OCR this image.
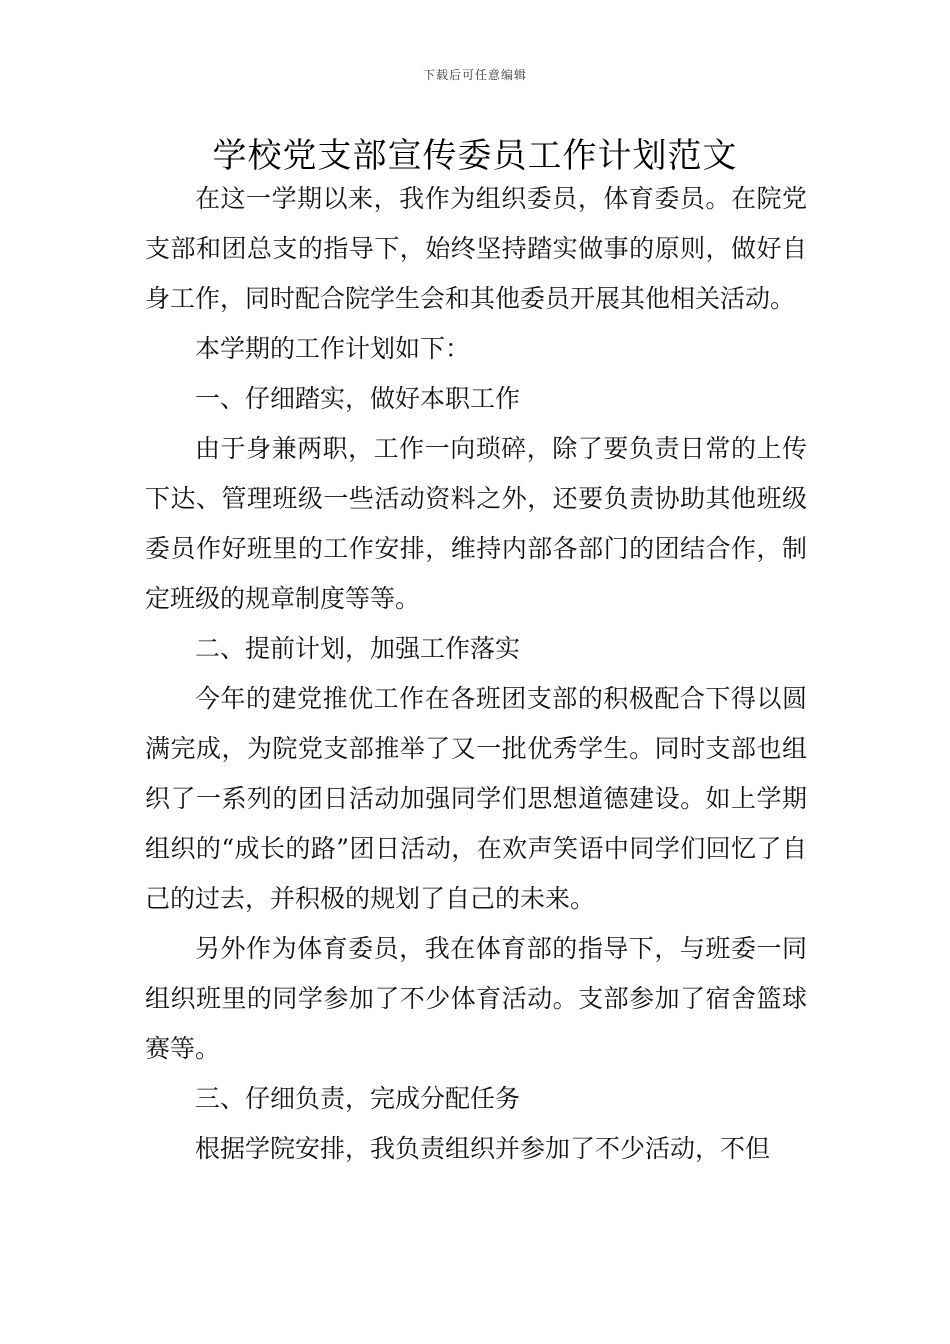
下载后可任意编辑
学校党支部宣传委员工作计划范文

在这一学期以来，我作为组织委员，体育委员。在院党支部和团总支的指导下，始终坚持踏实做事的原则，做好自身工作，同时配合院学生会和其他委员开展其他相关活动。

本学期的工作计划如下：

一、仔细踏实，做好本职工作

由于身兼两职，工作一向琐碎，除了要负责日常的上传下达、管理班级一些活动资料之外，还要负责协助其他班级委员作好班里的工作安排，维持内部各部门的团结合作，制定班级的规章制度等等。

二、提前计划，加强工作落实

今年的建党推优工作在各班团支部的积极配合下得以圆满完成，为院党支部推举了又一批优秀学生。同时支部也组织了一系列的团日活动加强同学们思想道德建设。如上学期组织的“成长的路”团日活动，在欢声笑语中同学们回忆了自己的过去，并积极的规划了自己的未来。

另外作为体育委员，我在体育部的指导下，与班委一同组织班里的同学参加了不少体育活动。支部参加了宿舍篮球赛等。

三、仔细负责，完成分配任务

根据学院安排，我负责组织并参加了不少活动，不但
